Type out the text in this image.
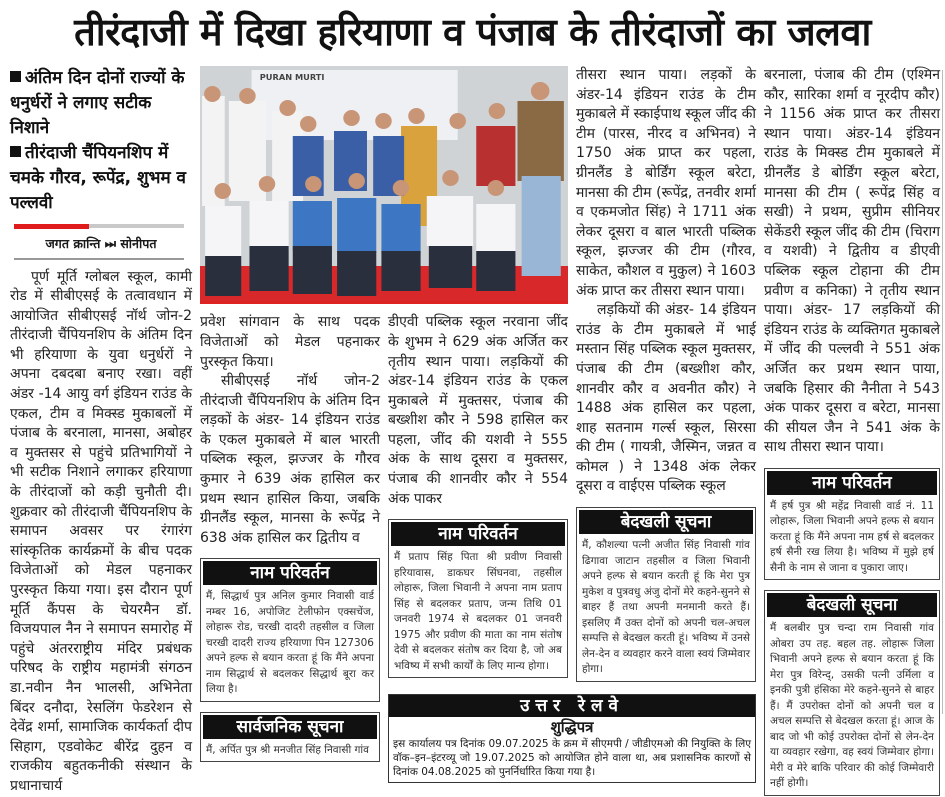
तीरंदाजी में दिखा हरियाणा व पंजाब के तीरंदाजों का जलवा
अंतिम दिन दोनों राज्यों के धनुर्धरों ने लगाए सटीक निशाने
तीरंदाजी चैंपियनशिप में चमके गौरव, रूपेंद्र, शुभम व पल्लवी
जगत क्रान्ति ⏭ सोनीपत

पूर्ण मूर्ति ग्लोबल स्कूल, कामी रोड में सीबीएसई के तत्वावधान में आयोजित सीबीएसई नॉर्थ जोन-2 तीरंदाजी चैंपियनशिप के अंतिम दिन भी हरियाणा के युवा धनुर्धरों ने अपना दबदबा बनाए रखा। वहीं अंडर -14 आयु वर्ग इंडियन राउंड के एकल, टीम व मिक्स्ड मुकाबलों में पंजाब के बरनाला, मानसा, अबोहर व मुक्तसर से पहुंचे प्रतिभागियों ने भी सटीक निशाने लगाकर हरियाणा के तीरंदाजों को कड़ी चुनौती दी। शुक्रवार को तीरंदाजी चैंपियनशिप के समापन अवसर पर रंगारंग सांस्कृतिक कार्यक्रमों के बीच पदक विजेताओं को मेडल पहनाकर पुरस्कृत किया गया। इस दौरान पूर्ण मूर्ति कैंपस के चेयरमैन डॉ. विजयपाल नैन ने समापन समारोह में पहुंचे अंतरराष्ट्रीय मंदिर प्रबंधक परिषद के राष्ट्रीय महामंत्री संगठन डा.नवीन नैन भालसी, अभिनेता बिंदर दनौदा, रेसलिंग फेडरेशन से देवेंद्र शर्मा, सामाजिक कार्यकर्ता दीप सिहाग, एडवोकेट बीरेंद्र दुहन व राजकीय बहुतकनीकी संस्थान के प्रधानाचार्य

PURAN MURTI

प्रवेश सांगवान के साथ पदक विजेताओं को मेडल पहनाकर पुरस्कृत किया।

सीबीएसई नॉर्थ जोन-2 तीरंदाजी चैंपियनशिप के अंतिम दिन लड़कों के अंडर- 14 इंडियन राउंड के एकल मुकाबले में बाल भारती पब्लिक स्कूल, झज्जर के गौरव कुमार ने 639 अंक हासिल कर प्रथम स्थान हासिल किया, जबकि ग्रीनलैंड स्कूल, मानसा के रूपेंद्र ने 638 अंक हासिल कर द्वितीय व

नाम परिवर्तन
मैं, सिद्धार्थ पुत्र अनिल कुमार निवासी वार्ड नम्बर 16, अपोजिट टेलीफोन एक्सचेंज, लोहारू रोड, चरखी दादरी तहसील व जिला चरखी दादरी राज्य हरियाणा पिन 127306 अपने हल्फ से बयान करता हूं कि मैंने अपना नाम सिद्धार्थ से बदलकर सिद्धार्थ बूरा कर लिया है।
सार्वजनिक सूचना
मैं, अर्पित पुत्र श्री मनजीत सिंह निवासी गांव

डीएवी पब्लिक स्कूल नरवाना जींद के शुभम ने 629 अंक अर्जित कर तृतीय स्थान पाया। लड़कियों की अंडर-14 इंडियन राउंड के एकल मुकाबले में मुक्तसर, पंजाब की बख्शीश कौर ने 598 हासिल कर पहला, जींद की यशवी ने 555 अंक के साथ दूसरा व मुक्तसर, पंजाब की शानवीर कौर ने 554 अंक पाकर

नाम परिवर्तन
मैं प्रताप सिंह पिता श्री प्रवीण निवासी हरियावास, डाकघर सिंघनवा, तहसील लोहारू, जिला भिवानी ने अपना नाम प्रताप सिंह से बदलकर प्रताप, जन्म तिथि 01 जनवरी 1974 से बदलकर 01 जनवरी 1975 और प्रवीण की माता का नाम संतोष देवी से बदलकर संतोष कर दिया है, जो अब भविष्य में सभी कार्यों के लिए मान्य होगा।

तीसरा स्थान पाया। लड़कों के अंडर-14 इंडियन राउंड के टीम मुकाबले में स्काईपाथ स्कूल जींद की टीम (पारस, नीरद व अभिनव) ने 1750 अंक प्राप्त कर पहला, ग्रीनलैंड डे बोर्डिंग स्कूल बरेटा, मानसा की टीम (रूपेंद्र, तनवीर शर्मा व एकमजोत सिंह) ने 1711 अंक लेकर दूसरा व बाल भारती पब्लिक स्कूल, झज्जर की टीम (गौरव, साकेत, कौशल व मुकुल) ने 1603 अंक प्राप्त कर तीसरा स्थान पाया।

लड़कियों की अंडर- 14 इंडियन राउंड के टीम मुकाबले में भाई मस्तान सिंह पब्लिक स्कूल मुक्तसर, पंजाब की टीम (बख्शीश कौर, शानवीर कौर व अवनीत कौर) ने 1488 अंक हासिल कर पहला, शाह सतनाम गर्ल्स स्कूल, सिरसा की टीम ( गायत्री, जैस्मिन, जन्नत व कोमल ) ने 1348 अंक लेकर दूसरा व वाईएस पब्लिक स्कूल

बेदखली सूचना
मैं, कौशल्या पत्नी अजीत सिंह निवासी गांव ढिगावा जाटान तहसील व जिला भिवानी अपने हल्फ से बयान करती हूं कि मेरा पुत्र मुकेश व पुत्रवधु अंजु दोनों मेरे कहने-सुनने से बाहर हैं तथा अपनी मनमानी करते हैं। इसलिए मैं उक्त दोनों को अपनी चल-अचल सम्पत्ति से बेदखल करती हूं। भविष्य में उनसे लेन-देन व व्यवहार करने वाला स्वयं जिम्मेवार होगा।
उत्तर रेलवे
शुद्धिपत्र
इस कार्यालय पत्र दिनांक 09.07.2025 के क्रम में सीएमपी / जीडीएमओ की नियुक्ति के लिए वॉक–इन–इंटरव्यू जो 19.07.2025 को आयोजित होने वाला था, अब प्रशासनिक कारणों से दिनांक 04.08.2025 को पुनर्निर्धारित किया गया है।

बरनाला, पंजाब की टीम (एश्मिन कौर, सारिका शर्मा व नूरदीप कौर) ने 1156 अंक प्राप्त कर तीसरा स्थान पाया। अंडर-14 इंडियन राउंड के मिक्स्ड टीम मुकाबले में ग्रीनलैंड डे बोर्डिंग स्कूल बरेटा, मानसा की टीम ( रूपेंद्र सिंह व सखी) ने प्रथम, सुप्रीम सीनियर सेकेंडरी स्कूल जींद की टीम (चिराग व यशवी) ने द्वितीय व डीएवी पब्लिक स्कूल टोहाना की टीम प्रवीण व कनिका) ने तृतीय स्थान पाया। अंडर- 17 लड़कियों की इंडियन राउंड के व्यक्तिगत मुकाबले में जींद की पल्लवी ने 551 अंक अर्जित कर प्रथम स्थान पाया, जबकि हिसार की नैनीता ने 543 अंक पाकर दूसरा व बरेटा, मानसा की सीयल जैन ने 541 अंक के साथ तीसरा स्थान पाया।

नाम परिवर्तन
मैं हर्ष पुत्र श्री महेंद्र निवासी वार्ड नं. 11 लोहारू, जिला भिवानी अपने हल्फ से बयान करता हूं कि मैंने अपना नाम हर्ष से बदलकर हर्ष सैनी रख लिया है। भविष्य में मुझे हर्ष सैनी के नाम से जाना व पुकारा जाए।
बेदखली सूचना
मैं बलबीर पुत्र चन्दा राम निवासी गांव ओबरा उप तह. बहल तह. लोहारू जिला भिवानी अपने हल्फ से बयान करता हूं कि मेरा पुत्र विरेन्द्, उसकी पत्नी उर्मिला व इनकी पुत्री हंसिका मेरे कहने-सुनने से बाहर हैं। मैं उपरोक्त दोनों को अपनी चल व अचल सम्पत्ति से बेदखल करता हूं। आज के बाद जो भी कोई उपरोक्त दोनों से लेन-देन या व्यवहार रखेगा, वह स्वयं जिम्मेवार होगा। मेरी व मेरे बाकि परिवार की कोई जिम्मेवारी नहीं होगी।
